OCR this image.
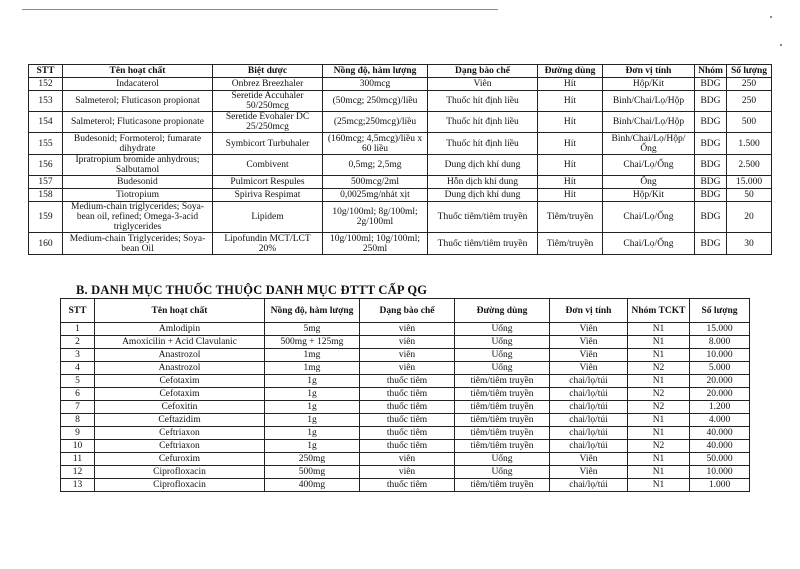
STT	Tên hoạt chất	Biệt dược	Nồng độ, hàm lượng	Dạng bào chế	Đường dùng	Đơn vị tính	Nhóm	Số lượng
152	Indacaterol	Onbrez Breezhaler	300mcg	Viên	Hít	Hộp/Kit	BDG	250
153	Salmeterol; Fluticason propionat	Seretide Accuhaler 50/250mcg	(50mcg; 250mcg)/liều	Thuốc hít định liều	Hít	Bình/Chai/Lọ/Hộp	BDG	250
154	Salmeterol; Fluticasone propionate	Seretide Evohaler DC 25/250mcg	(25mcg;250mcg)/liều	Thuốc hít định liều	Hít	Bình/Chai/Lọ/Hộp	BDG	500
155	Budesonid; Formoterol; fumarate dihydrate	Symbicort Turbuhaler	(160mcg; 4,5mcg)/liều x 60 liều	Thuốc hít định liều	Hít	Bình/Chai/Lọ/Hộp/Ống	BDG	1.500
156	Ipratropium bromide anhydrous; Salbutamol	Combivent	0,5mg; 2,5mg	Dung dịch khí dung	Hít	Chai/Lọ/Ống	BDG	2.500
157	Budesonid	Pulmicort Respules	500mcg/2ml	Hỗn dịch khí dung	Hít	Ống	BDG	15.000
158	Tiotropium	Spiriva Respimat	0,0025mg/nhát xịt	Dung dịch khí dung	Hít	Hộp/Kit	BDG	50
159	Medium-chain triglycerides; Soya-bean oil, refined; Omega-3-acid triglycerides	Lipidem	10g/100ml; 8g/100ml; 2g/100ml	Thuốc tiêm/tiêm truyền	Tiêm/truyền	Chai/Lọ/Ống	BDG	20
160	Medium-chain Triglycerides; Soya-bean Oil	Lipofundin MCT/LCT 20%	10g/100ml; 10g/100ml; 250ml	Thuốc tiêm/tiêm truyền	Tiêm/truyền	Chai/Lọ/Ống	BDG	30
B. DANH MỤC THUỐC THUỘC DANH MỤC ĐTTT CẤP QG
STT	Tên hoạt chất	Nồng độ, hàm lượng	Dạng bào chế	Đường dùng	Đơn vị tính	Nhóm TCKT	Số lượng
1	Amlodipin	5mg	viên	Uống	Viên	N1	15.000
2	Amoxicilin + Acid Clavulanic	500mg + 125mg	viên	Uống	Viên	N1	8.000
3	Anastrozol	1mg	viên	Uống	Viên	N1	10.000
4	Anastrozol	1mg	viên	Uống	Viên	N2	5.000
5	Cefotaxim	1g	thuốc tiêm	tiêm/tiêm truyền	chai/lọ/túi	N1	20.000
6	Cefotaxim	1g	thuốc tiêm	tiêm/tiêm truyền	chai/lọ/túi	N2	20.000
7	Cefoxitin	1g	thuốc tiêm	tiêm/tiêm truyền	chai/lọ/túi	N2	1.200
8	Ceftazidim	1g	thuốc tiêm	tiêm/tiêm truyền	chai/lọ/túi	N1	4.000
9	Ceftriaxon	1g	thuốc tiêm	tiêm/tiêm truyền	chai/lọ/túi	N1	40.000
10	Ceftriaxon	1g	thuốc tiêm	tiêm/tiêm truyền	chai/lọ/túi	N2	40.000
11	Cefuroxim	250mg	viên	Uống	Viên	N1	50.000
12	Ciprofloxacin	500mg	viên	Uống	Viên	N1	10.000
13	Ciprofloxacin	400mg	thuốc tiêm	tiêm/tiêm truyền	chai/lọ/túi	N1	1.000
